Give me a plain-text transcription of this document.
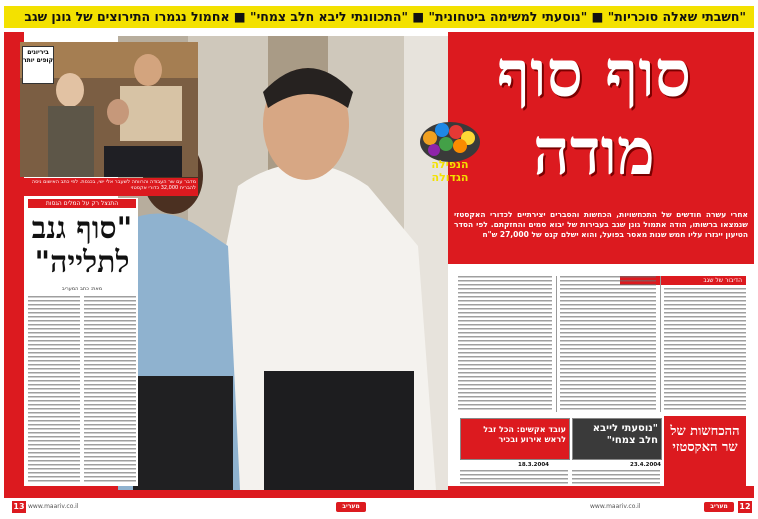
"חשבתי שאלה סוכריות" ■ "נוסעתי למשימה ביטחונית" ■ "התכוונתי ליבא חלב צמחי" ■ אחמול נגמרו התירוצים של גונן שגב
סוף סוף
מודה
הנפילה
הגדולה
אחרי עשרה חודשים של התכחשויות, הכחשות והסברים יצירתיים לכדורי האקסטזי שנמצאו ברשותו, הודה אתמול גונן שגב בעבירות של יבוא סמים והחזקתם. לפי הסדר הטיעון ייגזרו עליו חמש שנות מאסר בפועל, והוא ישלם קנס של 27,000 ש"ח
ביריונים קופים יותר
מדבר עם שר העבודה והרווחה לשעבר אלי ישי, בכנסת. לפי כתב האישום ניסה להבריח 32,000 כדורי אקסטזי
התנצל רק על המלים הגסות
"סוף גנב לתלייה"
מאת: כתב המעריב
הדיבור של שגב
ההכחשות של שר האקסטזי
"נוסעתי לייבא חלב צמחי"
23.4.2004
עובד אקשים: הכל זבל לראש אירוע ובכיר
18.3.2004
13 www.maariv.co.il	מעריב	מעריב
www.maariv.co.il	12
